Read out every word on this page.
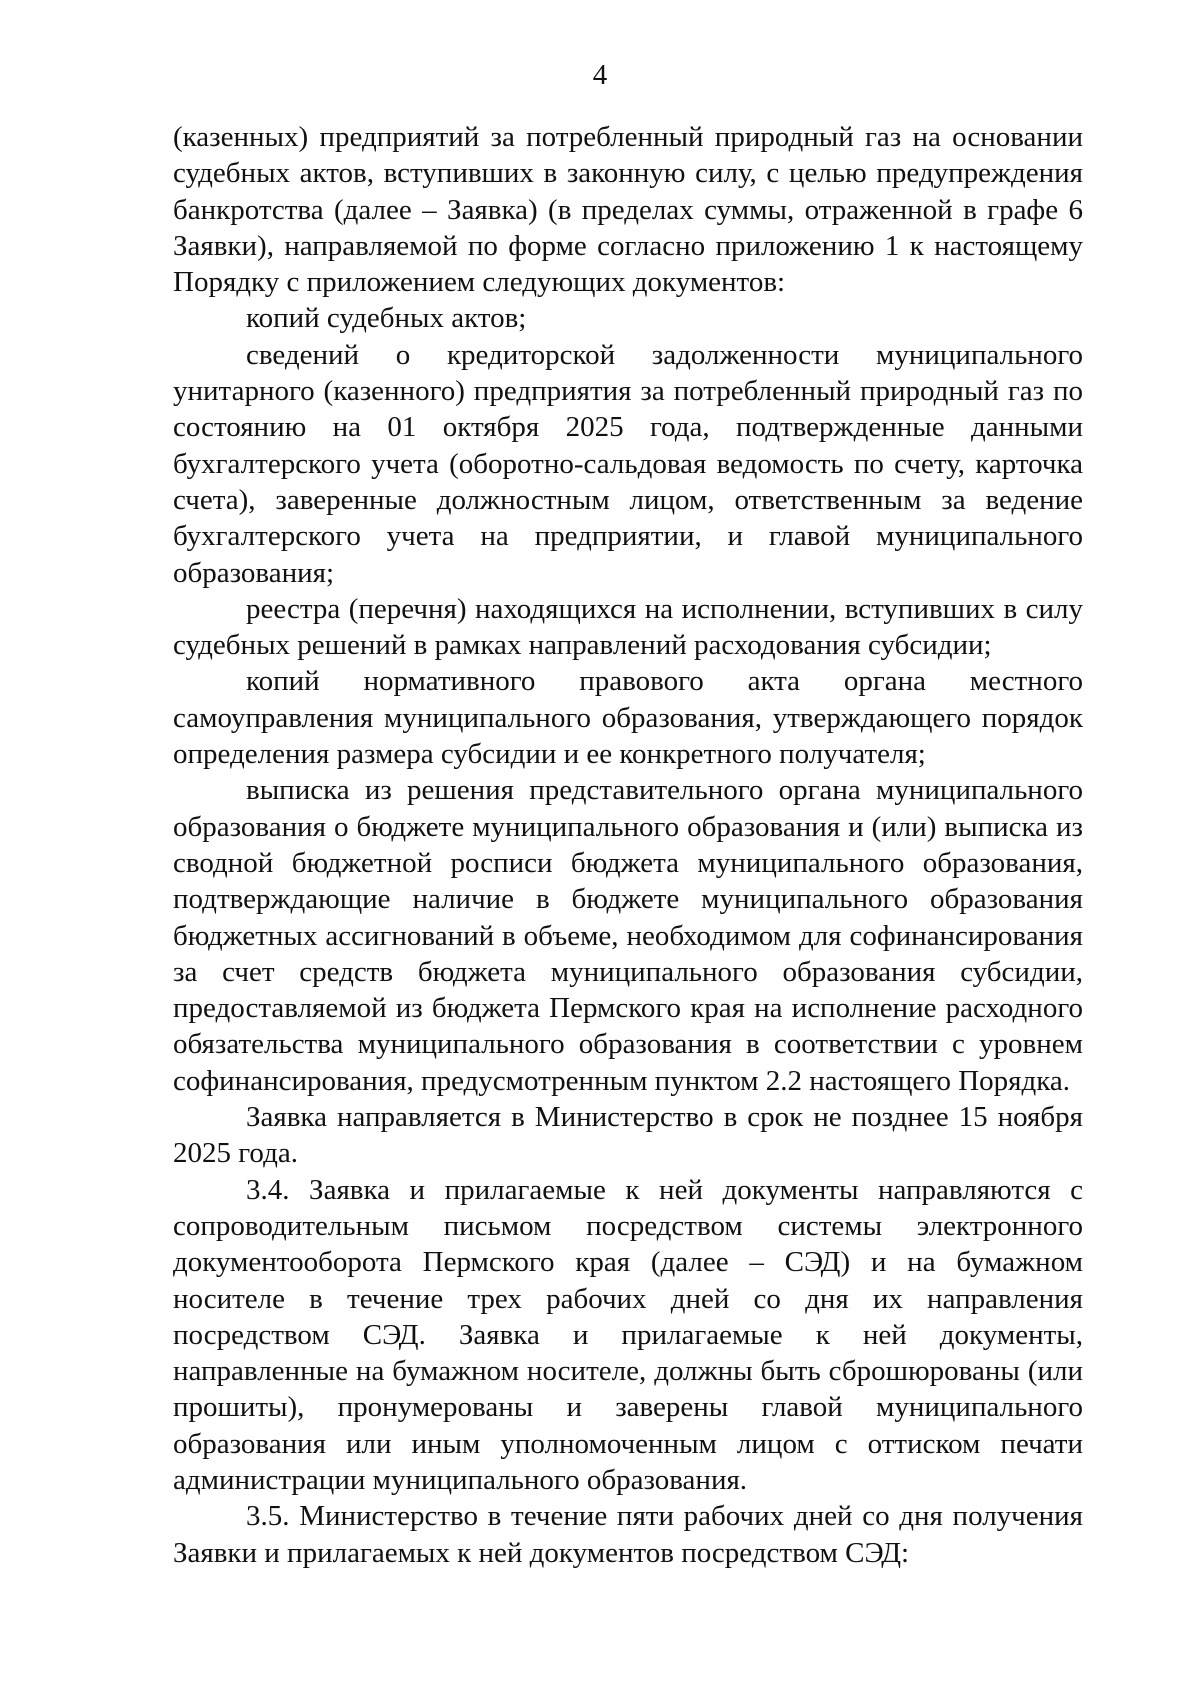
4

(казенных) предприятий за потребленный природный газ на основании судебных актов, вступивших в законную силу, с целью предупреждения банкротства (далее – Заявка) (в пределах суммы, отраженной в графе 6 Заявки), направляемой по форме согласно приложению 1 к настоящему Порядку с приложением следующих документов:

копий судебных актов;

сведений о кредиторской задолженности муниципального унитарного (казенного) предприятия за потребленный природный газ по состоянию на 01 октября 2025 года, подтвержденные данными бухгалтерского учета (оборотно-сальдовая ведомость по счету, карточка счета), заверенные должностным лицом, ответственным за ведение бухгалтерского учета на предприятии, и главой муниципального образования;

реестра (перечня) находящихся на исполнении, вступивших в силу судебных решений в рамках направлений расходования субсидии;

копий нормативного правового акта органа местного самоуправления муниципального образования, утверждающего порядок определения размера субсидии и ее конкретного получателя;

выписка из решения представительного органа муниципального образования о бюджете муниципального образования и (или) выписка из сводной бюджетной росписи бюджета муниципального образования, подтверждающие наличие в бюджете муниципального образования бюджетных ассигнований в объеме, необходимом для софинансирования за счет средств бюджета муниципального образования субсидии, предоставляемой из бюджета Пермского края на исполнение расходного обязательства муниципального образования в соответствии с уровнем софинансирования, предусмотренным пунктом 2.2 настоящего Порядка.

Заявка направляется в Министерство в срок не позднее 15 ноября 2025 года.

3.4. Заявка и прилагаемые к ней документы направляются с сопроводительным письмом посредством системы электронного документооборота Пермского края (далее – СЭД) и на бумажном носителе в течение трех рабочих дней со дня их направления посредством СЭД. Заявка и прилагаемые к ней документы, направленные на бумажном носителе, должны быть сброшюрованы (или прошиты), пронумерованы и заверены главой муниципального образования или иным уполномоченным лицом с оттиском печати администрации муниципального образования.

3.5. Министерство в течение пяти рабочих дней со дня получения Заявки и прилагаемых к ней документов посредством СЭД:
